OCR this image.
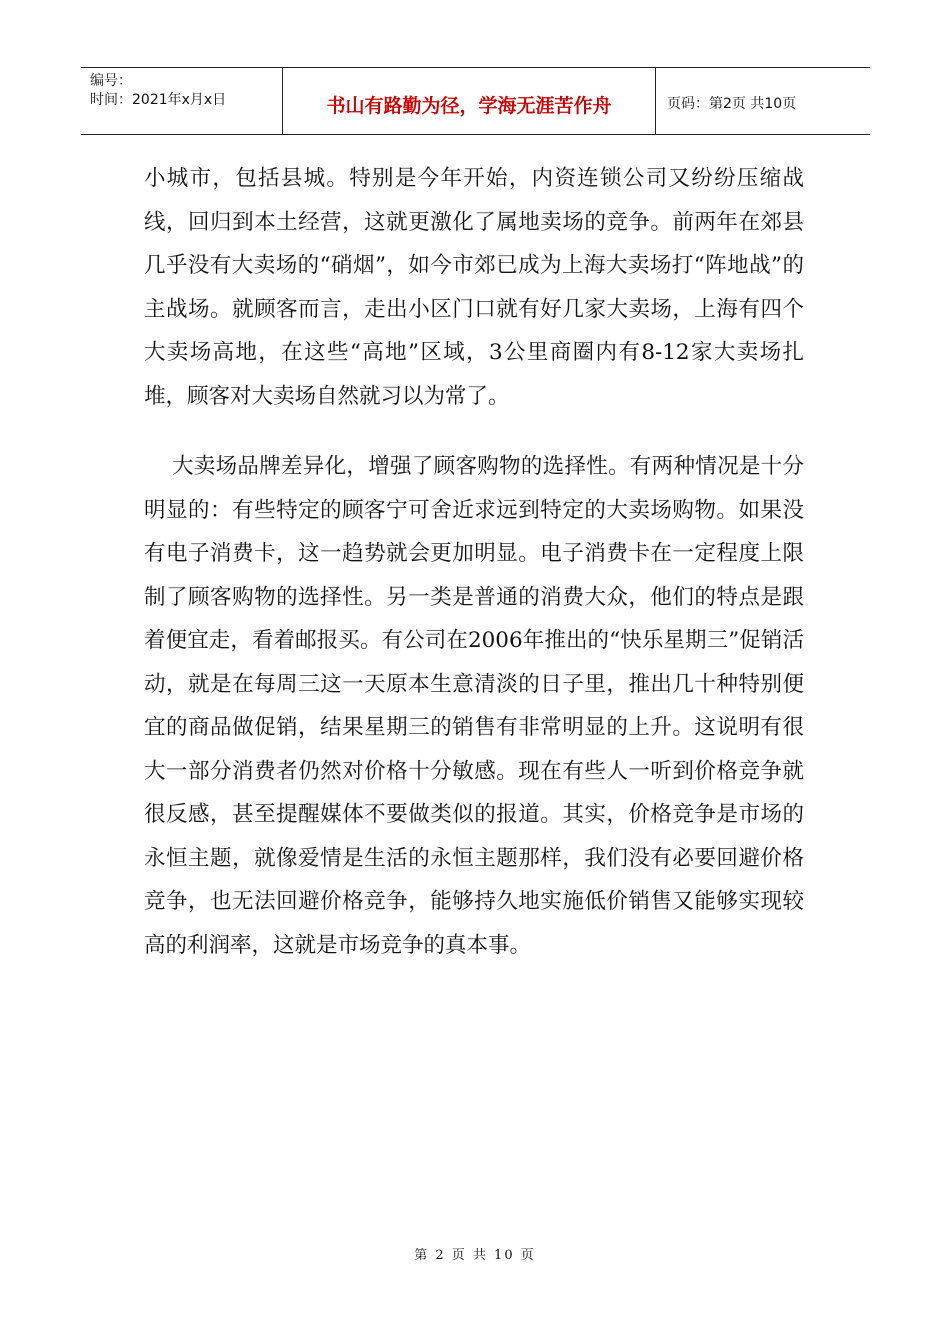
编号：
时间：2021年x月x日	书山有路勤为径，学海无涯苦作舟	页码：第2页 共10页

小城市，包括县城。特别是今年开始，内资连锁公司又纷纷压缩战线，回归到本土经营，这就更激化了属地卖场的竞争。前两年在郊县几乎没有大卖场的“硝烟”，如今市郊已成为上海大卖场打“阵地战”的主战场。就顾客而言，走出小区门口就有好几家大卖场，上海有四个大卖场高地，在这些“高地”区域，3公里商圈内有8-12家大卖场扎堆，顾客对大卖场自然就习以为常了。

大卖场品牌差异化，增强了顾客购物的选择性。有两种情况是十分明显的：有些特定的顾客宁可舍近求远到特定的大卖场购物。如果没有电子消费卡，这一趋势就会更加明显。电子消费卡在一定程度上限制了顾客购物的选择性。另一类是普通的消费大众，他们的特点是跟着便宜走，看着邮报买。有公司在2006年推出的“快乐星期三”促销活动，就是在每周三这一天原本生意清淡的日子里，推出几十种特别便宜的商品做促销，结果星期三的销售有非常明显的上升。这说明有很大一部分消费者仍然对价格十分敏感。现在有些人一听到价格竞争就很反感，甚至提醒媒体不要做类似的报道。其实，价格竞争是市场的永恒主题，就像爱情是生活的永恒主题那样，我们没有必要回避价格竞争，也无法回避价格竞争，能够持久地实施低价销售又能够实现较高的利润率，这就是市场竞争的真本事。

第 2 页 共 10 页
